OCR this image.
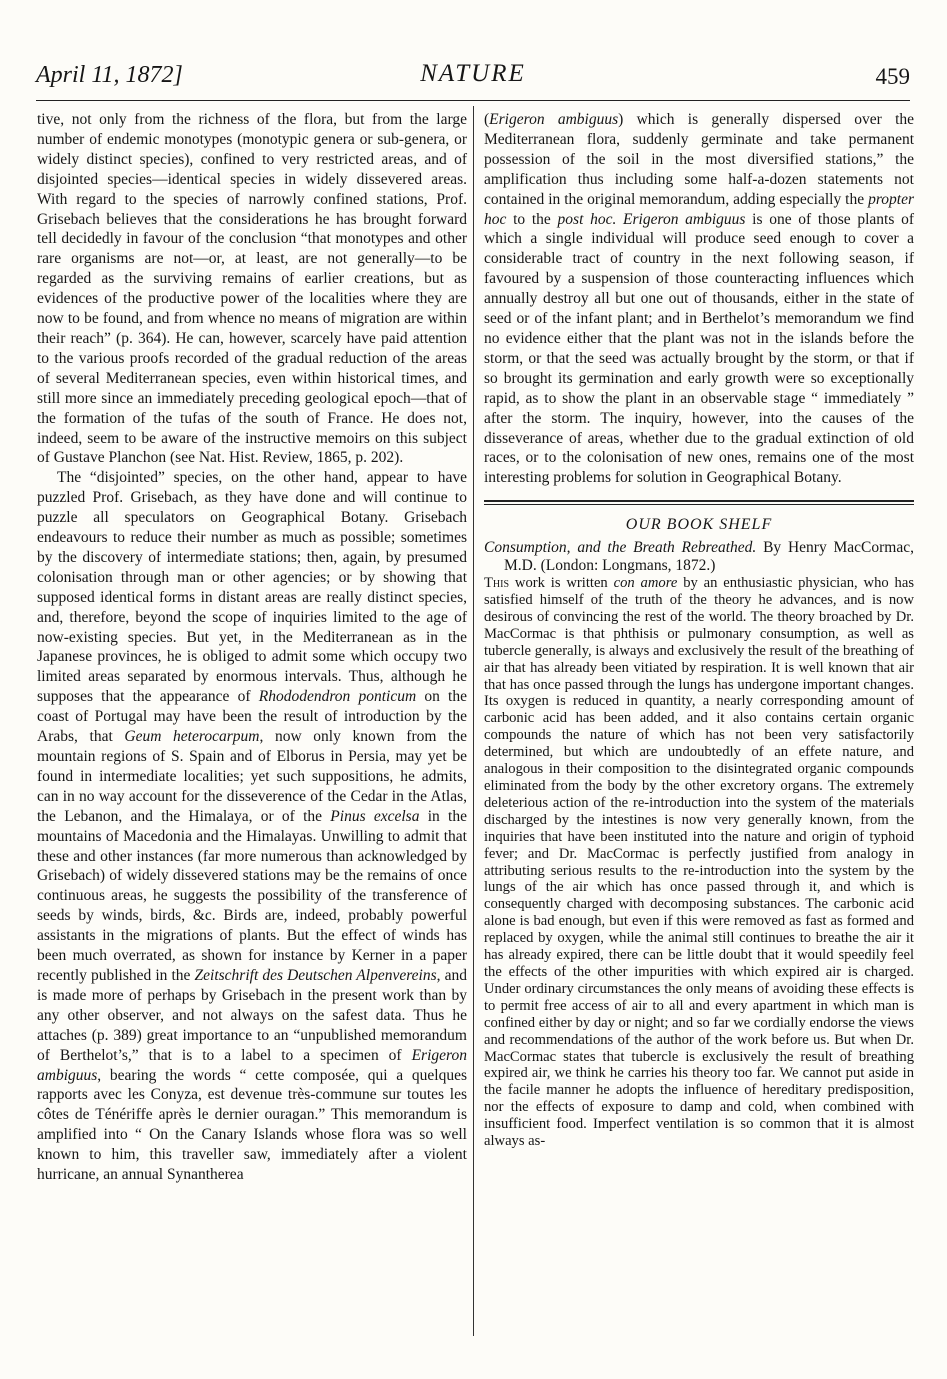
April 11, 1872]	NATURE	459

tive, not only from the richness of the flora, but from the large number of endemic monotypes (monotypic genera or sub-genera, or widely distinct species), confined to very restricted areas, and of disjointed species—identical species in widely dissevered areas. With regard to the species of narrowly confined stations, Prof. Grisebach believes that the considerations he has brought forward tell decidedly in favour of the conclusion “that monotypes and other rare organisms are not—or, at least, are not generally—to be regarded as the surviving remains of earlier creations, but as evidences of the productive power of the localities where they are now to be found, and from whence no means of migration are within their reach” (p. 364). He can, however, scarcely have paid attention to the various proofs recorded of the gradual reduction of the areas of several Mediterranean species, even within historical times, and still more since an immediately preceding geological epoch—that of the formation of the tufas of the south of France. He does not, indeed, seem to be aware of the instructive memoirs on this subject of Gustave Planchon (see Nat. Hist. Review, 1865, p. 202).

The “disjointed” species, on the other hand, appear to have puzzled Prof. Grisebach, as they have done and will continue to puzzle all speculators on Geographical Botany. Grisebach endeavours to reduce their number as much as possible; sometimes by the discovery of intermediate stations; then, again, by presumed colonisation through man or other agencies; or by showing that supposed identical forms in distant areas are really distinct species, and, therefore, beyond the scope of inquiries limited to the age of now-existing species. But yet, in the Mediterranean as in the Japanese provinces, he is obliged to admit some which occupy two limited areas separated by enormous intervals. Thus, although he supposes that the appearance of Rhododendron ponticum on the coast of Portugal may have been the result of introduction by the Arabs, that Geum heterocarpum, now only known from the mountain regions of S. Spain and of Elborus in Persia, may yet be found in intermediate localities; yet such suppositions, he admits, can in no way account for the disseverence of the Cedar in the Atlas, the Lebanon, and the Himalaya, or of the Pinus excelsa in the mountains of Macedonia and the Himalayas. Unwilling to admit that these and other instances (far more numerous than acknowledged by Grisebach) of widely dissevered stations may be the remains of once continuous areas, he suggests the possibility of the transference of seeds by winds, birds, &c. Birds are, indeed, probably powerful assistants in the migrations of plants. But the effect of winds has been much overrated, as shown for instance by Kerner in a paper recently published in the Zeitschrift des Deutschen Alpenvereins, and is made more of perhaps by Grisebach in the present work than by any other observer, and not always on the safest data. Thus he attaches (p. 389) great importance to an “unpublished memorandum of Berthelot’s,” that is to a label to a specimen of Erigeron ambiguus, bearing the words “ cette composée, qui a quelques rapports avec les Conyza, est devenue très-commune sur toutes les côtes de Ténériffe après le dernier ouragan.” This memorandum is amplified into “ On the Canary Islands whose flora was so well known to him, this traveller saw, immediately after a violent hurricane, an annual Synantherea

(Erigeron ambiguus) which is generally dispersed over the Mediterranean flora, suddenly germinate and take permanent possession of the soil in the most diversified stations,” the amplification thus including some half-a-dozen statements not contained in the original memorandum, adding especially the propter hoc to the post hoc. Erigeron ambiguus is one of those plants of which a single individual will produce seed enough to cover a considerable tract of country in the next following season, if favoured by a suspension of those counteracting influences which annually destroy all but one out of thousands, either in the state of seed or of the infant plant; and in Berthelot’s memorandum we find no evidence either that the plant was not in the islands before the storm, or that the seed was actually brought by the storm, or that if so brought its germination and early growth were so exceptionally rapid, as to show the plant in an observable stage “ immediately ” after the storm. The inquiry, however, into the causes of the disseverance of areas, whether due to the gradual extinction of old races, or to the colonisation of new ones, remains one of the most interesting problems for solution in Geographical Botany.

OUR BOOK SHELF

Consumption, and the Breath Rebreathed. By Henry MacCormac, M.D. (London: Longmans, 1872.)

This work is written con amore by an enthusiastic physician, who has satisfied himself of the truth of the theory he advances, and is now desirous of convincing the rest of the world. The theory broached by Dr. MacCormac is that phthisis or pulmonary consumption, as well as tubercle generally, is always and exclusively the result of the breathing of air that has already been vitiated by respiration. It is well known that air that has once passed through the lungs has undergone important changes. Its oxygen is reduced in quantity, a nearly corresponding amount of carbonic acid has been added, and it also contains certain organic compounds the nature of which has not been very satisfactorily determined, but which are undoubtedly of an effete nature, and analogous in their composition to the disintegrated organic compounds eliminated from the body by the other excretory organs. The extremely deleterious action of the re-introduction into the system of the materials discharged by the intestines is now very generally known, from the inquiries that have been instituted into the nature and origin of typhoid fever; and Dr. MacCormac is perfectly justified from analogy in attributing serious results to the re-introduction into the system by the lungs of the air which has once passed through it, and which is consequently charged with decomposing substances. The carbonic acid alone is bad enough, but even if this were removed as fast as formed and replaced by oxygen, while the animal still continues to breathe the air it has already expired, there can be little doubt that it would speedily feel the effects of the other impurities with which expired air is charged. Under ordinary circumstances the only means of avoiding these effects is to permit free access of air to all and every apartment in which man is confined either by day or night; and so far we cordially endorse the views and recommendations of the author of the work before us. But when Dr. MacCormac states that tubercle is exclusively the result of breathing expired air, we think he carries his theory too far. We cannot put aside in the facile manner he adopts the influence of hereditary predisposition, nor the effects of exposure to damp and cold, when combined with insufficient food. Imperfect ventilation is so common that it is almost always as-
